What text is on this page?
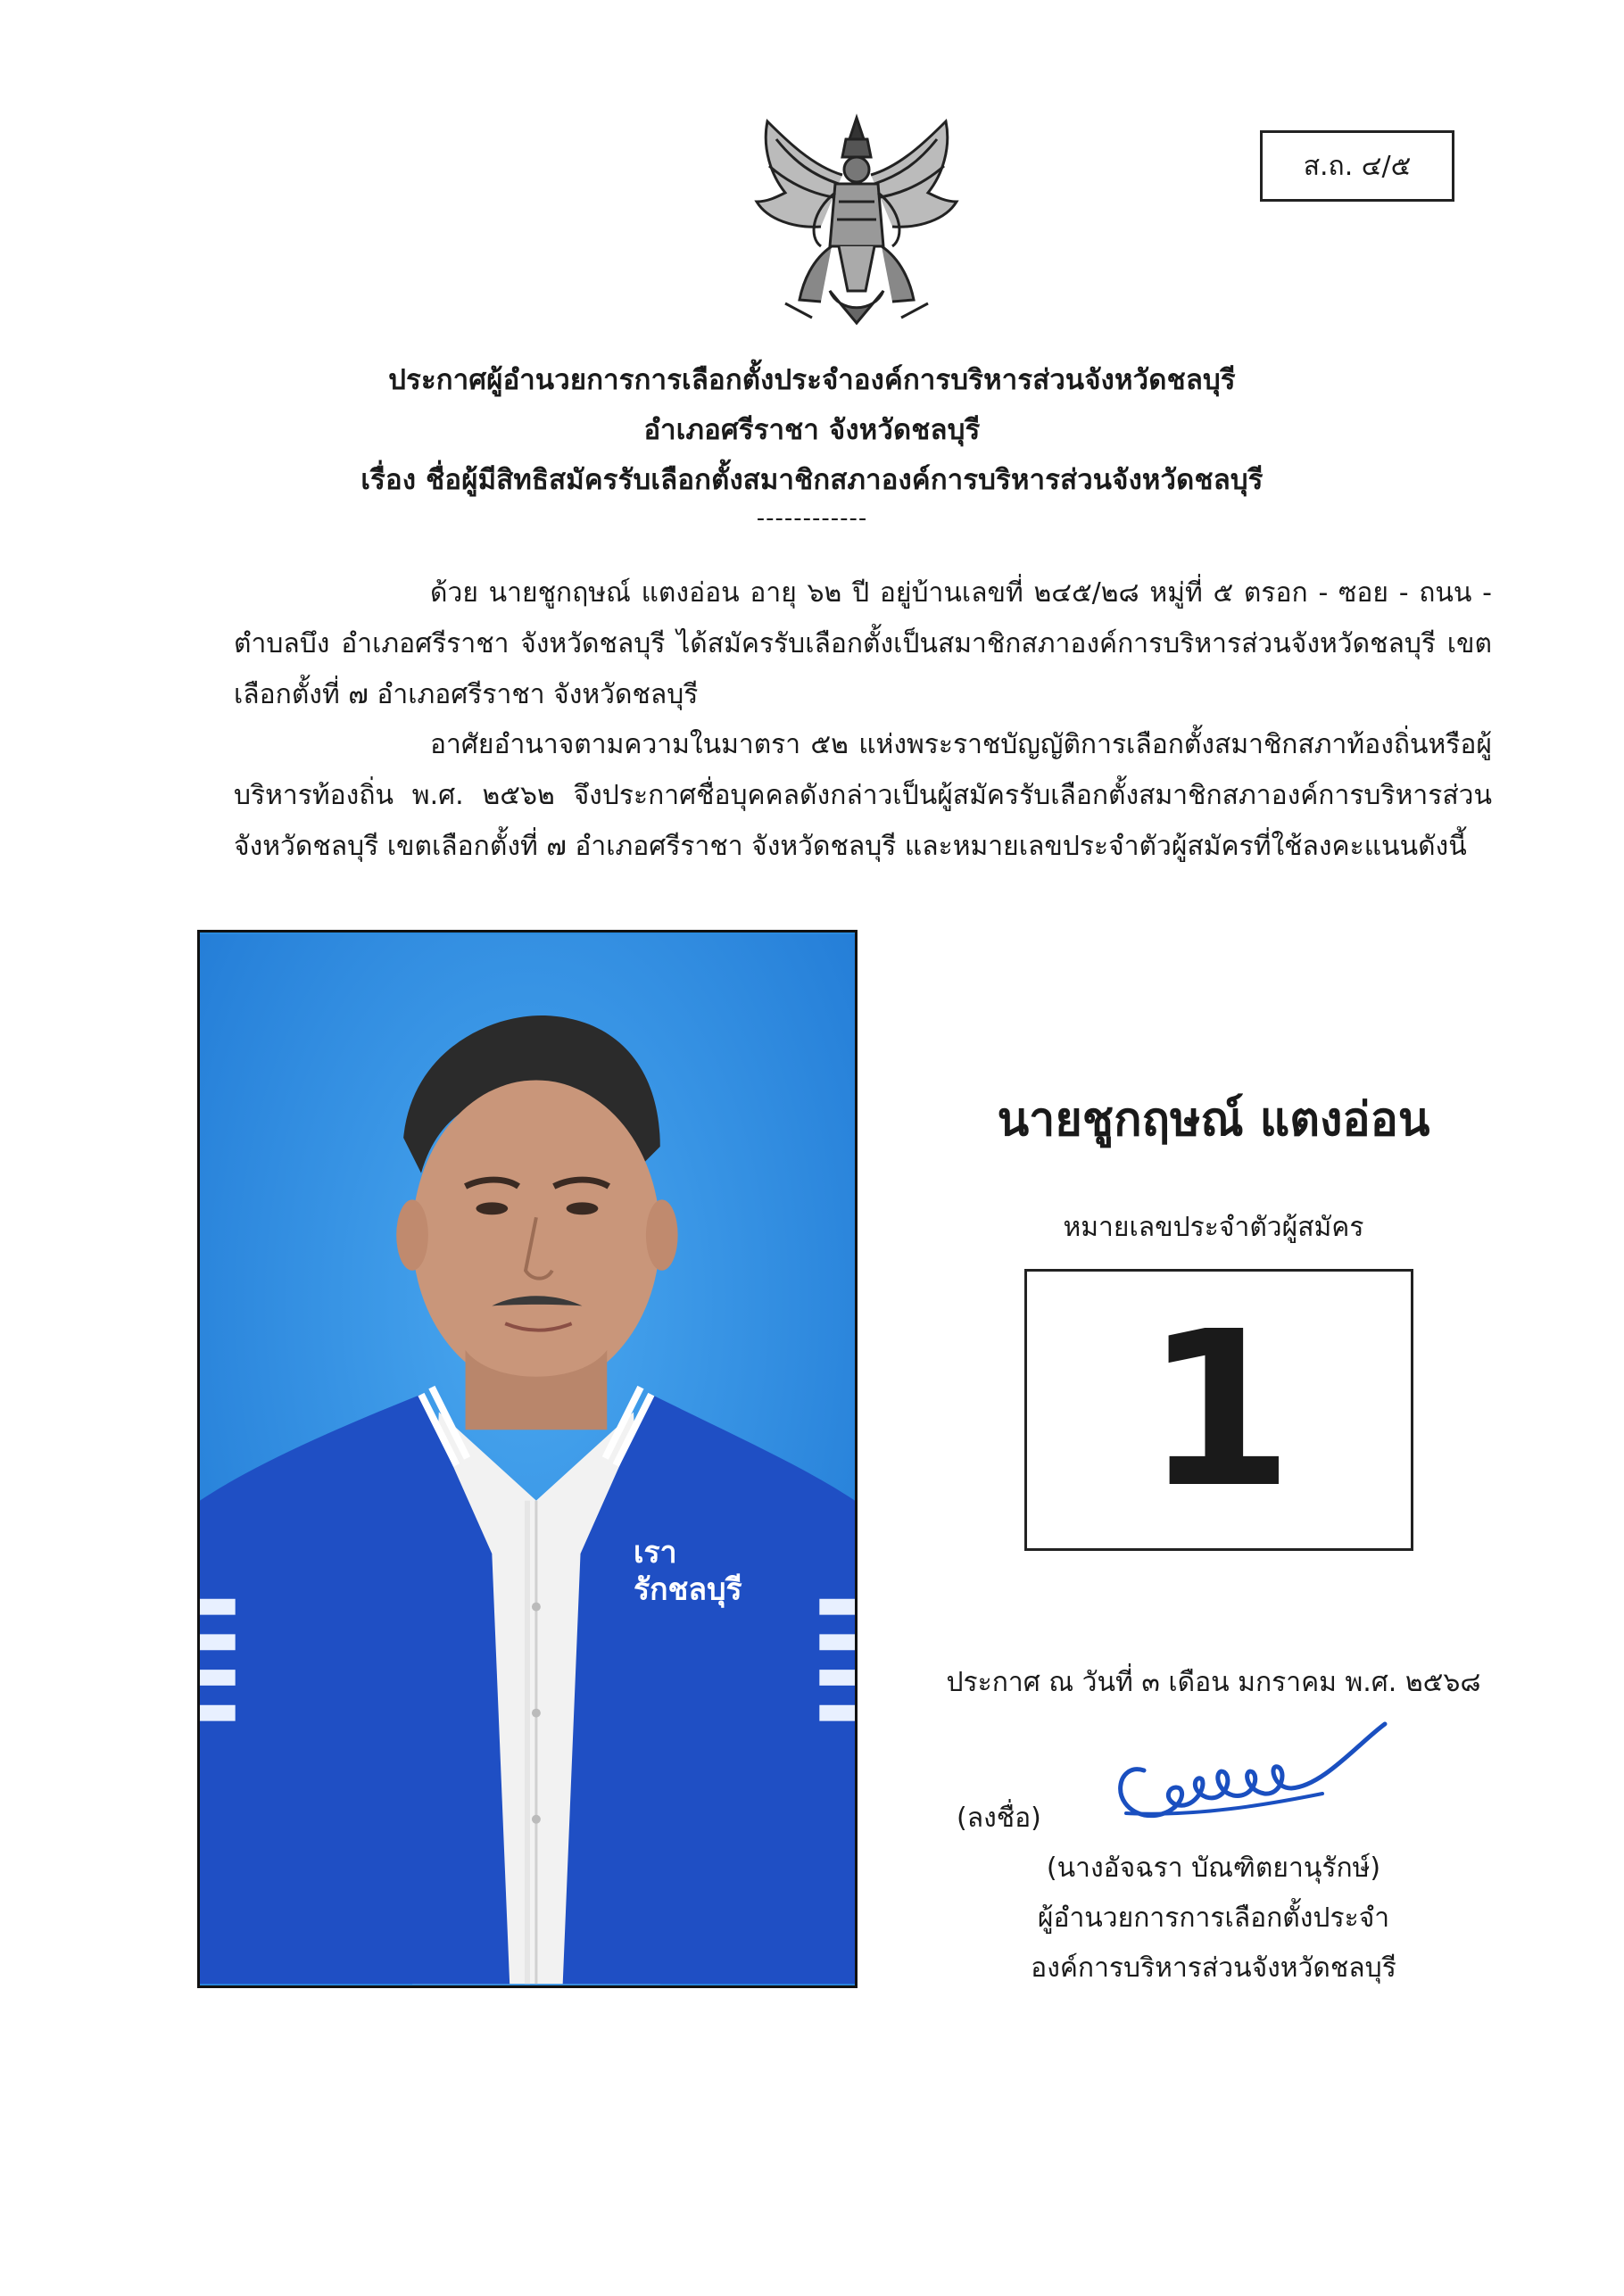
ส.ถ. ๔/๕
ประกาศผู้อำนวยการการเลือกตั้งประจำองค์การบริหารส่วนจังหวัดชลบุรี
อำเภอศรีราชา จังหวัดชลบุรี
เรื่อง ชื่อผู้มีสิทธิสมัครรับเลือกตั้งสมาชิกสภาองค์การบริหารส่วนจังหวัดชลบุรี
------------

ด้วย นายชูกฤษณ์ แตงอ่อน อายุ ๖๒ ปี อยู่บ้านเลขที่ ๒๔๕/๒๘ หมู่ที่ ๕ ตรอก - ซอย - ถนน - ตำบลบึง อำเภอศรีราชา จังหวัดชลบุรี ได้สมัครรับเลือกตั้งเป็นสมาชิกสภาองค์การบริหารส่วนจังหวัดชลบุรี เขตเลือกตั้งที่ ๗ อำเภอศรีราชา จังหวัดชลบุรี

อาศัยอำนาจตามความในมาตรา ๕๒ แห่งพระราชบัญญัติการเลือกตั้งสมาชิกสภาท้องถิ่นหรือผู้บริหารท้องถิ่น พ.ศ. ๒๕๖๒ จึงประกาศชื่อบุคคลดังกล่าวเป็นผู้สมัครรับเลือกตั้งสมาชิกสภาองค์การบริหารส่วนจังหวัดชลบุรี เขตเลือกตั้งที่ ๗ อำเภอศรีราชา จังหวัดชลบุรี และหมายเลขประจำตัวผู้สมัครที่ใช้ลงคะแนนดังนี้

เรา
รักชลบุรี
นายชูกฤษณ์ แตงอ่อน
หมายเลขประจำตัวผู้สมัคร
1
ประกาศ ณ วันที่ ๓ เดือน มกราคม พ.ศ. ๒๕๖๘
(ลงชื่อ)
(นางอัจฉรา บัณฑิตยานุรักษ์)
ผู้อำนวยการการเลือกตั้งประจำ
องค์การบริหารส่วนจังหวัดชลบุรี
